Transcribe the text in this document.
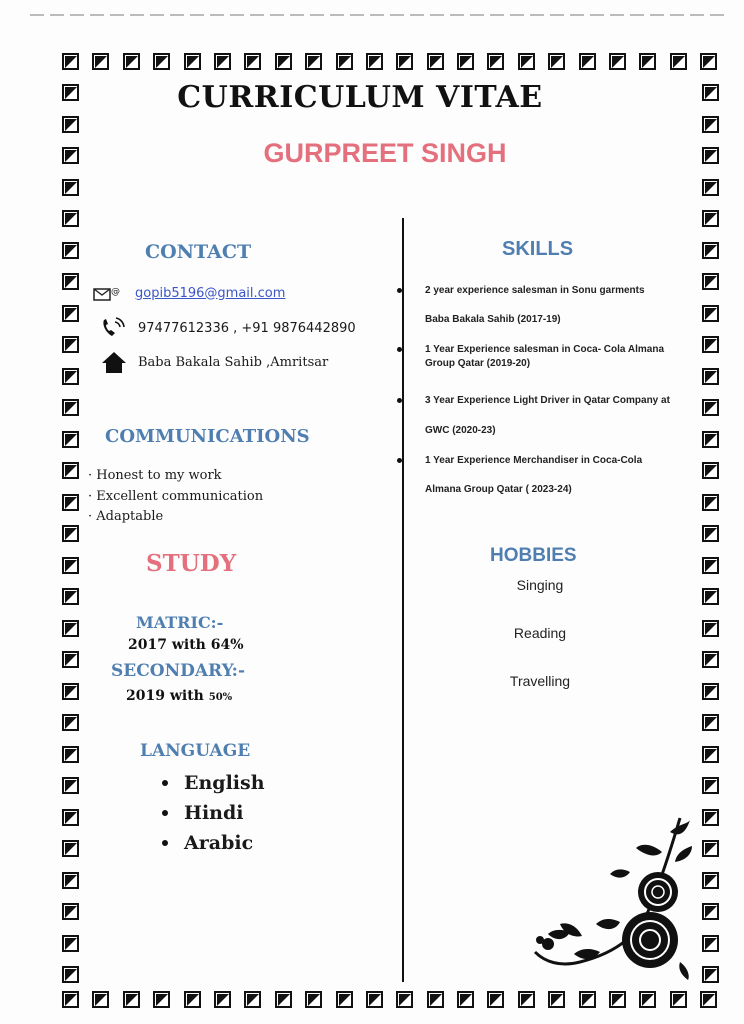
CURRICULUM VITAE
GURPREET SINGH
CONTACT
@ gopib5196@gmail.com
97477612336 , +91 9876442890
Baba Bakala Sahib ,Amritsar
COMMUNICATIONS
· Honest to my work
· Excellent communication
· Adaptable
STUDY
MATRIC:-
2017 with 64%
SECONDARY:-
2019 with 50%
LANGUAGE
English
Hindi
Arabic
SKILLS
2 year experience salesman in Sonu garments
Baba Bakala Sahib (2017-19)
1 Year Experience salesman in Coca- Cola Almana
Group Qatar (2019-20)
3 Year Experience Light Driver in Qatar Company at
GWC (2020-23)
1 Year Experience Merchandiser in Coca-Cola
Almana Group Qatar ( 2023-24)
HOBBIES
Singing
Reading
Travelling
